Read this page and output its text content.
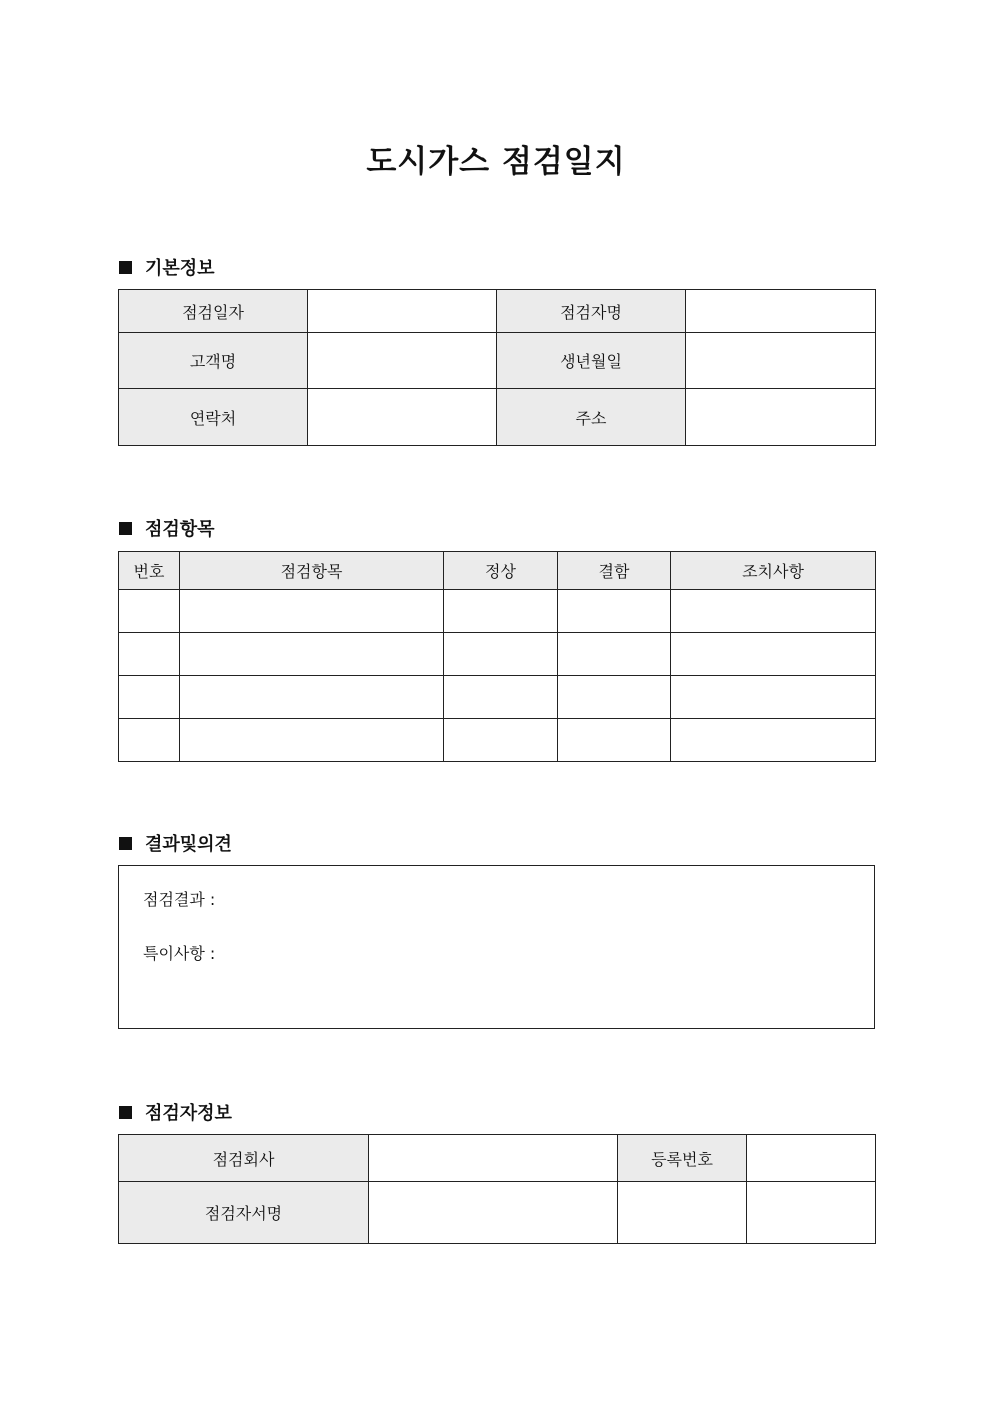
도시가스 점검일지
기본정보
점검일자		점검자명	
고객명		생년월일	
연락처		주소	
점검항목
번호	점검항목	정상	결함	조치사항

결과및의견
점검결과 :
특이사항 :
점검자정보
점검회사		등록번호	
점검자서명			
